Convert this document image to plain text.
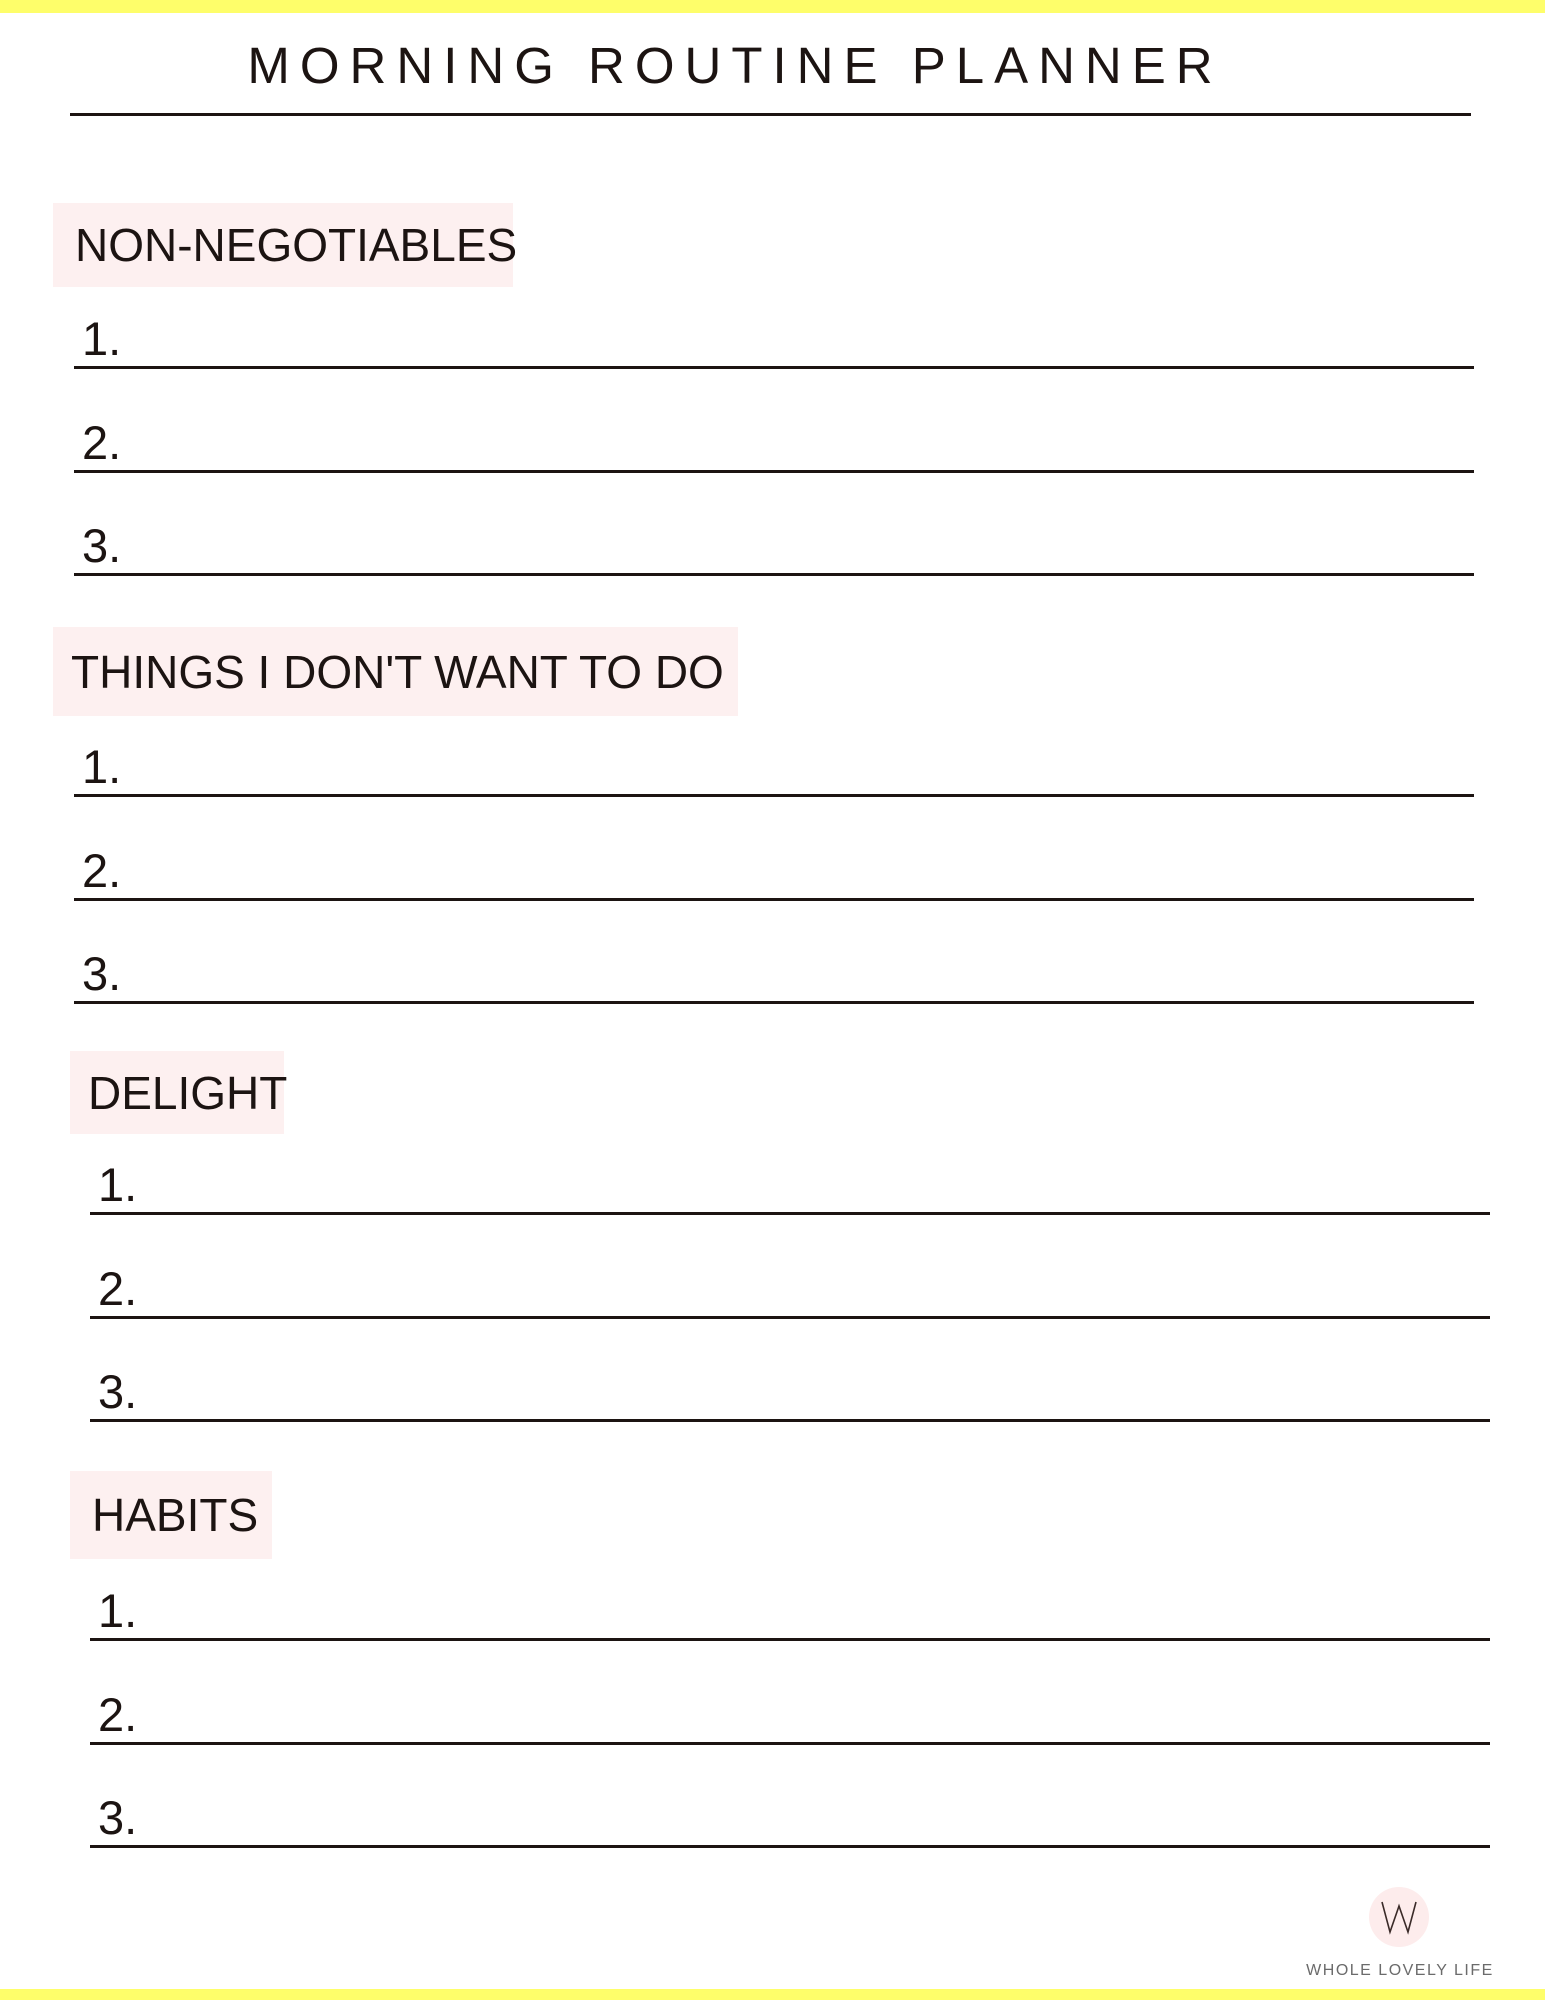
MORNING ROUTINE PLANNER
NON-NEGOTIABLES
1.
2.
3.
THINGS I DON'T WANT TO DO
1.
2.
3.
DELIGHT
1.
2.
3.
HABITS
1.
2.
3.
WHOLE LOVELY LIFE
